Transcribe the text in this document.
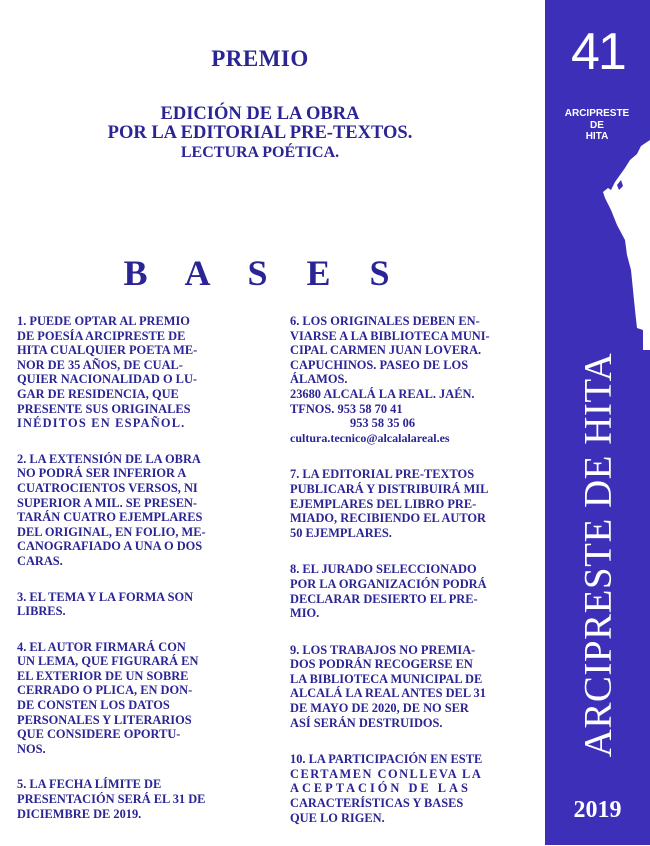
PREMIO
EDICIÓN DE LA OBRA
POR LA EDITORIAL PRE-TEXTOS.
LECTURA POÉTICA.
B A S E S
1. PUEDE OPTAR AL PREMIO
DE POESÍA ARCIPRESTE DE
HITA CUALQUIER POETA ME-
NOR DE 35 AÑOS, DE CUAL-
QUIER NACIONALIDAD O LU-
GAR DE RESIDENCIA, QUE
PRESENTE SUS ORIGINALES
INÉDITOS EN ESPAÑOL.
2. LA EXTENSIÓN DE LA OBRA
NO PODRÁ SER INFERIOR A
CUATROCIENTOS VERSOS, NI
SUPERIOR A MIL. SE PRESEN-
TARÁN CUATRO EJEMPLARES
DEL ORIGINAL, EN FOLIO, ME-
CANOGRAFIADO A UNA O DOS
CARAS.
3. EL TEMA Y LA FORMA SON
LIBRES.
4. EL AUTOR FIRMARÁ CON
UN LEMA, QUE FIGURARÁ EN
EL EXTERIOR DE UN SOBRE
CERRADO O PLICA, EN DON-
DE CONSTEN LOS DATOS
PERSONALES Y LITERARIOS
QUE CONSIDERE OPORTU-
NOS.
5. LA FECHA LÍMITE DE
PRESENTACIÓN SERÁ EL 31 DE
DICIEMBRE DE 2019.
6. LOS ORIGINALES DEBEN EN-
VIARSE A LA BIBLIOTECA MUNI-
CIPAL CARMEN JUAN LOVERA.
CAPUCHINOS. PASEO DE LOS
ÁLAMOS.
23680 ALCALÁ LA REAL. JAÉN.
TFNOS. 953 58 70 41
953 58 35 06
cultura.tecnico@alcalalareal.es
7. LA EDITORIAL PRE-TEXTOS
PUBLICARÁ Y DISTRIBUIRÁ MIL
EJEMPLARES DEL LIBRO PRE-
MIADO, RECIBIENDO EL AUTOR
50 EJEMPLARES.
8. EL JURADO SELECCIONADO
POR LA ORGANIZACIÓN PODRÁ
DECLARAR DESIERTO EL PRE-
MIO.
9. LOS TRABAJOS NO PREMIA-
DOS PODRÁN RECOGERSE EN
LA BIBLIOTECA MUNICIPAL DE
ALCALÁ LA REAL ANTES DEL 31
DE MAYO DE 2020, DE NO SER
ASÍ SERÁN DESTRUIDOS.
10. LA PARTICIPACIÓN EN ESTE
CERTAMEN CONLLEVA LA
ACEPTACIÓN DE LAS
CARACTERÍSTICAS Y BASES
QUE LO RIGEN.
41
ARCIPRESTE
DE
HITA
ARCIPRESTE DE HITA
2019
